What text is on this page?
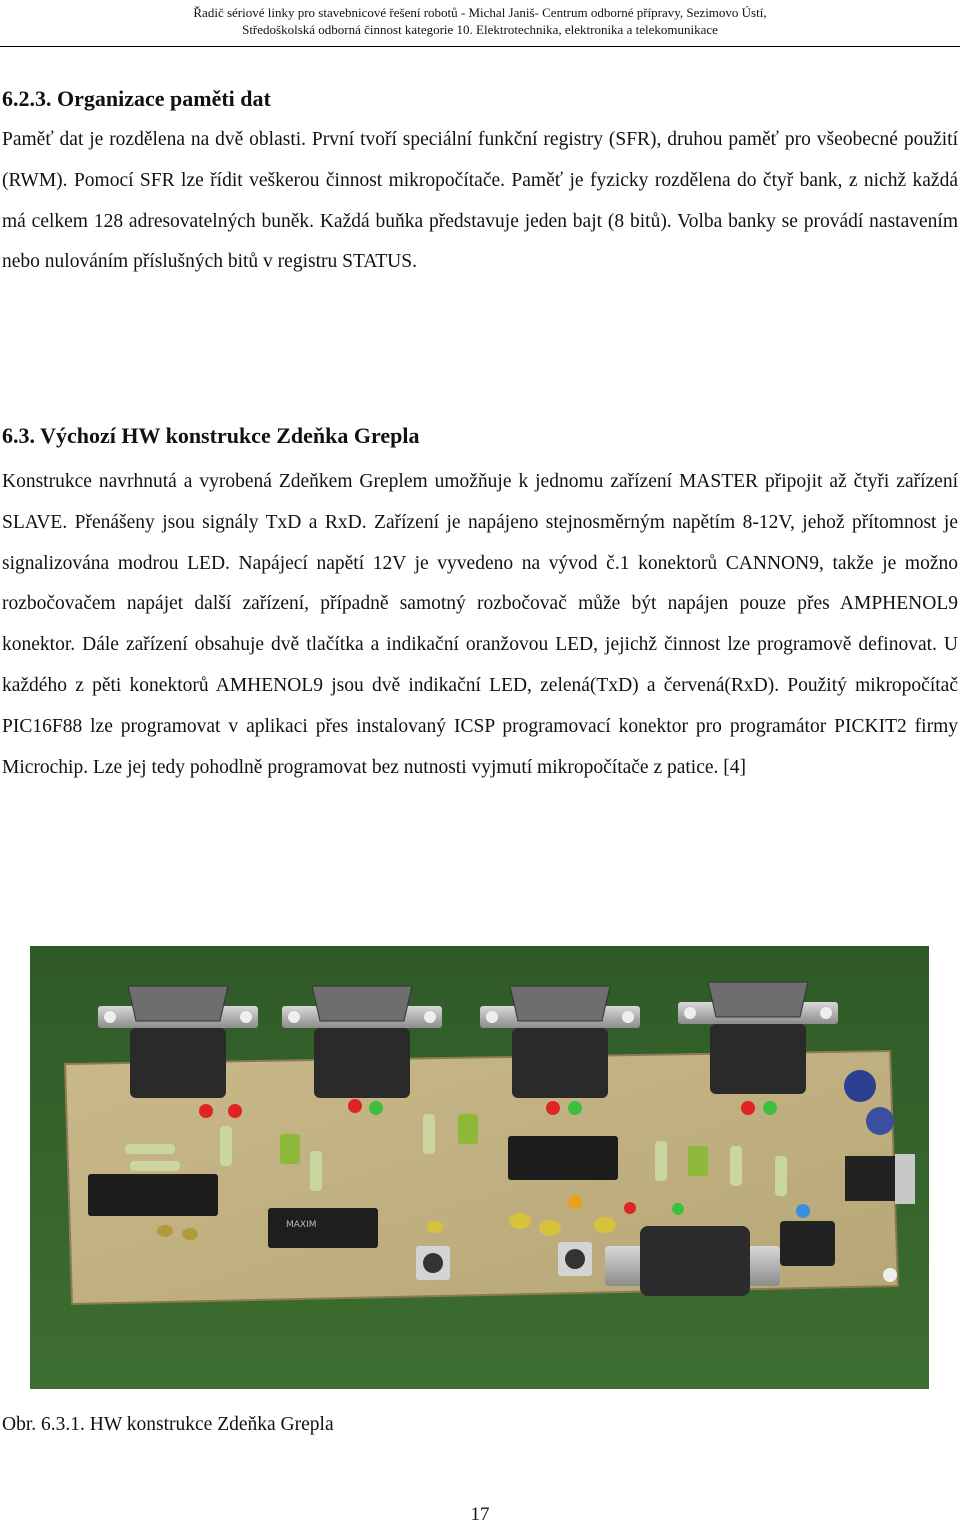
Řadič sériové linky pro stavebnicové řešení robotů - Michal Janiš- Centrum odborné přípravy, Sezimovo Ústí,
Středoškolská odborná činnost kategorie 10. Elektrotechnika, elektronika a telekomunikace
6.2.3. Organizace paměti dat

Paměť dat je rozdělena na dvě oblasti. První tvoří speciální funkční registry (SFR), druhou paměť pro všeobecné použití (RWM). Pomocí SFR lze řídit veškerou činnost mikropočítače. Paměť je fyzicky rozdělena do čtyř bank, z nichž každá má celkem 128 adresovatelných buněk. Každá buňka představuje jeden bajt (8 bitů). Volba banky se provádí nastavením nebo nulováním příslušných bitů v registru STATUS.

6.3. Výchozí HW konstrukce Zdeňka Grepla

Konstrukce navrhnutá a vyrobená Zdeňkem Greplem umožňuje k jednomu zařízení MASTER připojit až čtyři zařízení SLAVE. Přenášeny jsou signály TxD a RxD. Zařízení je napájeno stejnosměrným napětím 8-12V, jehož přítomnost je signalizována modrou LED. Napájecí napětí 12V je vyvedeno na vývod č.1 konektorů CANNON9, takže je možno rozbočovačem napájet další zařízení, případně samotný rozbočovač může být napájen pouze přes AMPHENOL9 konektor. Dále zařízení obsahuje dvě tlačítka a indikační oranžovou LED, jejichž činnost lze programově definovat. U každého z pěti konektorů AMHENOL9 jsou dvě indikační LED, zelená(TxD) a červená(RxD). Použitý mikropočítač PIC16F88 lze programovat v aplikaci přes instalovaný ICSP programovací konektor pro programátor PICKIT2 firmy Microchip. Lze jej tedy pohodlně programovat bez nutnosti vyjmutí mikropočítače z patice. [4]

MAXIM
Obr. 6.3.1. HW konstrukce Zdeňka Grepla
17
